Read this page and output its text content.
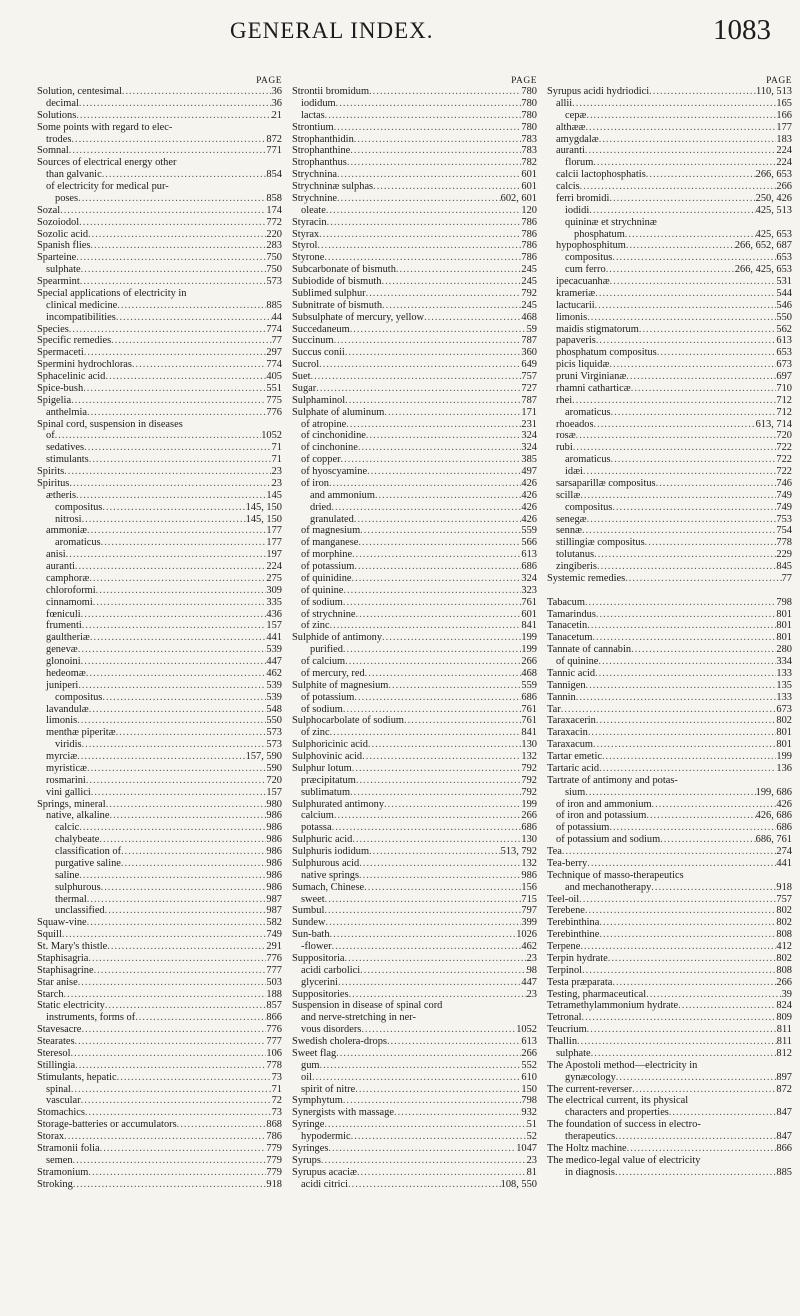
GENERAL INDEX.	1083
PAGE
Solution, centesimal .....	36
decimal .....	36
Solutions .....	21
Some points with regard to elec-
trodes .....	872
Somnal .....	771
Sources of electrical energy other
than galvanic .....	854
of electricity for medical pur-
poses .....	858
Sozal .....	174
Sozoiodol .....	772
Sozolic acid .....	220
Spanish flies .....	283
Sparteine .....	750
sulphate .....	750
Spearmint .....	573
Special applications of electricity in
clinical medicine .....	885
incompatibilities .....	44
Species .....	774
Specific remedies .....	77
Spermaceti .....	297
Spermini hydrochloras .....	774
Sphacelinic acid .....	405
Spice-bush .....	551
Spigelia .....	775
anthelmia .....	776
Spinal cord, suspension in diseases
of .....	1052
sedatives .....	71
stimulants .....	71
Spirits .....	23
Spiritus .....	23
ætheris .....	145
compositus .....	145, 150
nitrosi .....	145, 150
ammoniæ .....	177
aromaticus .....	177
anisi .....	197
auranti .....	224
camphoræ .....	275
chloroformi .....	309
cinnamomi .....	335
fœniculi .....	436
frumenti .....	157
gaultheriæ .....	441
genevæ .....	539
glonoini .....	447
hedeomæ .....	462
juniperi .....	539
compositus .....	539
lavandulæ .....	548
limonis .....	550
menthæ piperitæ .....	573
viridis .....	573
myrciæ .....	157, 590
myristicæ .....	590
rosmarini .....	720
vini gallici .....	157
Springs, mineral .....	980
native, alkaline .....	986
calcic .....	986
chalybeate .....	986
classification of .....	986
purgative saline .....	986
saline .....	986
sulphurous .....	986
thermal .....	987
unclassified .....	987
Squaw-vine .....	582
Squill .....	749
St. Mary's thistle .....	291
Staphisagria .....	776
Staphisagrine .....	777
Star anise .....	503
Starch .....	188
Static electricity .....	857
instruments, forms of .....	866
Stavesacre .....	776
Stearates .....	777
Steresol .....	106
Stillingia .....	778
Stimulants, hepatic .....	73
spinal .....	71
vascular .....	72
Stomachics .....	73
Storage-batteries or accumulators .....	868
Storax .....	786
Stramonii folia .....	779
semen .....	779
Stramonium .....	779
Stroking .....	918
PAGE
Strontii bromidum .....	780
iodidum .....	780
lactas .....	780
Strontium .....	780
Strophanthidin .....	783
Strophanthine .....	783
Strophanthus .....	782
Strychnina .....	601
Strychninæ sulphas .....	601
Strychnine .....	602, 601
oleate .....	120
Styracin .....	786
Styrax .....	786
Styrol .....	786
Styrone .....	786
Subcarbonate of bismuth .....	245
Subiodide of bismuth .....	245
Sublimed sulphur .....	792
Subnitrate of bismuth .....	245
Subsulphate of mercury, yellow .....	468
Succedaneum .....	59
Succinum .....	787
Succus conii .....	360
Sucrol .....	649
Suet .....	757
Sugar .....	727
Sulphaminol .....	787
Sulphate of aluminum .....	171
of atropine .....	231
of cinchonidine .....	324
of cinchonine .....	324
of copper .....	385
of hyoscyamine .....	497
of iron .....	426
and ammonium .....	426
dried .....	426
granulated .....	426
of magnesium .....	559
of manganese .....	566
of morphine .....	613
of potassium .....	686
of quinidine .....	324
of quinine .....	323
of sodium .....	761
of strychnine .....	601
of zinc .....	841
Sulphide of antimony .....	199
purified .....	199
of calcium .....	266
of mercury, red .....	468
Sulphite of magnesium .....	559
of potassium .....	686
of sodium .....	761
Sulphocarbolate of sodium .....	761
of zinc .....	841
Sulphoricinic acid .....	130
Sulphovinic acid .....	132
Sulphur lotum .....	792
præcipitatum .....	792
sublimatum .....	792
Sulphurated antimony .....	199
calcium .....	266
potassa .....	686
Sulphuric acid .....	130
Sulphuris iodidum .....	513, 792
Sulphurous acid .....	132
native springs .....	986
Sumach, Chinese .....	156
sweet .....	715
Sumbul .....	797
Sundew .....	399
Sun-bath .....	1026
-flower .....	462
Suppositoria .....	23
acidi carbolici .....	98
glycerini .....	447
Suppositories .....	23
Suspension in disease of spinal cord
and nerve-stretching in ner-
vous disorders .....	1052
Swedish cholera-drops .....	613
Sweet flag .....	266
gum .....	552
oil .....	610
spirit of nitre .....	150
Symphytum .....	798
Synergists with massage .....	932
Syringe .....	51
hypodermic .....	52
Syringes .....	1047
Syrups .....	23
Syrupus acaciæ .....	81
acidi citrici .....	108, 550
PAGE
Syrupus acidi hydriodici .....	110, 513
allii .....	165
cepæ .....	166
althææ .....	177
amygdalæ .....	183
auranti .....	224
florum .....	224
calcii lactophosphatis .....	266, 653
calcis .....	266
ferri bromidi .....	250, 426
iodidi .....	425, 513
quininæ et strychninæ
phosphatum .....	425, 653
hypophosphitum .....	266, 652, 687
compositus .....	653
cum ferro .....	266, 425, 653
ipecacuanhæ .....	531
krameriæ .....	544
lactucarii .....	546
limonis .....	550
maidis stigmatorum .....	562
papaveris .....	613
phosphatum compositus .....	653
picis liquidæ .....	673
pruni Virginianæ .....	697
rhamni catharticæ .....	710
rhei .....	712
aromaticus .....	712
rhoeados .....	613, 714
rosæ .....	720
rubi .....	722
aromaticus .....	722
idæi .....	722
sarsaparillæ compositus .....	746
scillæ .....	749
compositus .....	749
senegæ .....	753
sennæ .....	754
stillingiæ compositus .....	778
tolutanus .....	229
zingiberis .....	845
Systemic remedies .....	77
Tabacum .....	798
Tamarindus .....	801
Tanacetin .....	801
Tanacetum .....	801
Tannate of cannabin .....	280
of quinine .....	334
Tannic acid .....	133
Tannigen .....	135
Tannin .....	133
Tar .....	673
Taraxacerin .....	802
Taraxacin .....	801
Taraxacum .....	801
Tartar emetic .....	199
Tartaric acid .....	136
Tartrate of antimony and potas-
sium .....	199, 686
of iron and ammonium .....	426
of iron and potassium .....	426, 686
of potassium .....	686
of potassium and sodium .....	686, 761
Tea .....	274
Tea-berry .....	441
Technique of masso-therapeutics
and mechanotherapy .....	918
Teel-oil .....	757
Terebene .....	802
Terebinthina .....	802
Terebinthine .....	808
Terpene .....	412
Terpin hydrate .....	802
Terpinol .....	808
Testa præparata .....	266
Testing, pharmaceutical .....	39
Tetramethylammonium hydrate .....	824
Tetronal .....	809
Teucrium .....	811
Thallin .....	811
sulphate .....	812
The Apostoli method—electricity in
gynæcology .....	897
The current-reverser .....	872
The electrical current, its physical
characters and properties .....	847
The foundation of success in electro-
therapeutics .....	847
The Holtz machine .....	866
The medico-legal value of electricity
in diagnosis .....	885
